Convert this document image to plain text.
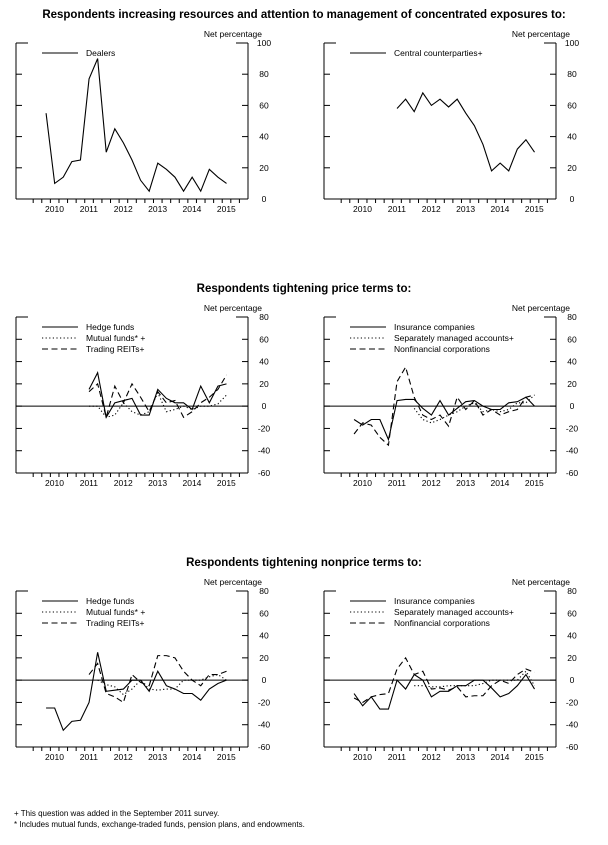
Respondents increasing resources and attention to management of concentrated exposures to:
Net percentage
0
20
40
60
80
100
2010 2011 2012 2013 2014 2015
Dealers
Net percentage
0
20
40
60
80
100
2010 2011 2012 2013 2014 2015
Central counterparties+
Respondents tightening price terms to:
Net percentage
-60
-40
-20
0
20
40
60
80
2010 2011 2012 2013 2014 2015
Hedge funds
Mutual funds* +
Trading REITs+
Net percentage
-60
-40
-20
0
20
40
60
80
2010 2011 2012 2013 2014 2015
Insurance companies
Separately managed accounts+
Nonfinancial corporations
Respondents tightening nonprice terms to:
Net percentage
-60
-40
-20
0
20
40
60
80
2010 2011 2012 2013 2014 2015
Hedge funds
Mutual funds* +
Trading REITs+
Net percentage
-60
-40
-20
0
20
40
60
80
2010 2011 2012 2013 2014 2015
Insurance companies
Separately managed accounts+
Nonfinancial corporations
+ This question was added in the September 2011 survey.
* Includes mutual funds, exchange-traded funds, pension plans, and endowments.
